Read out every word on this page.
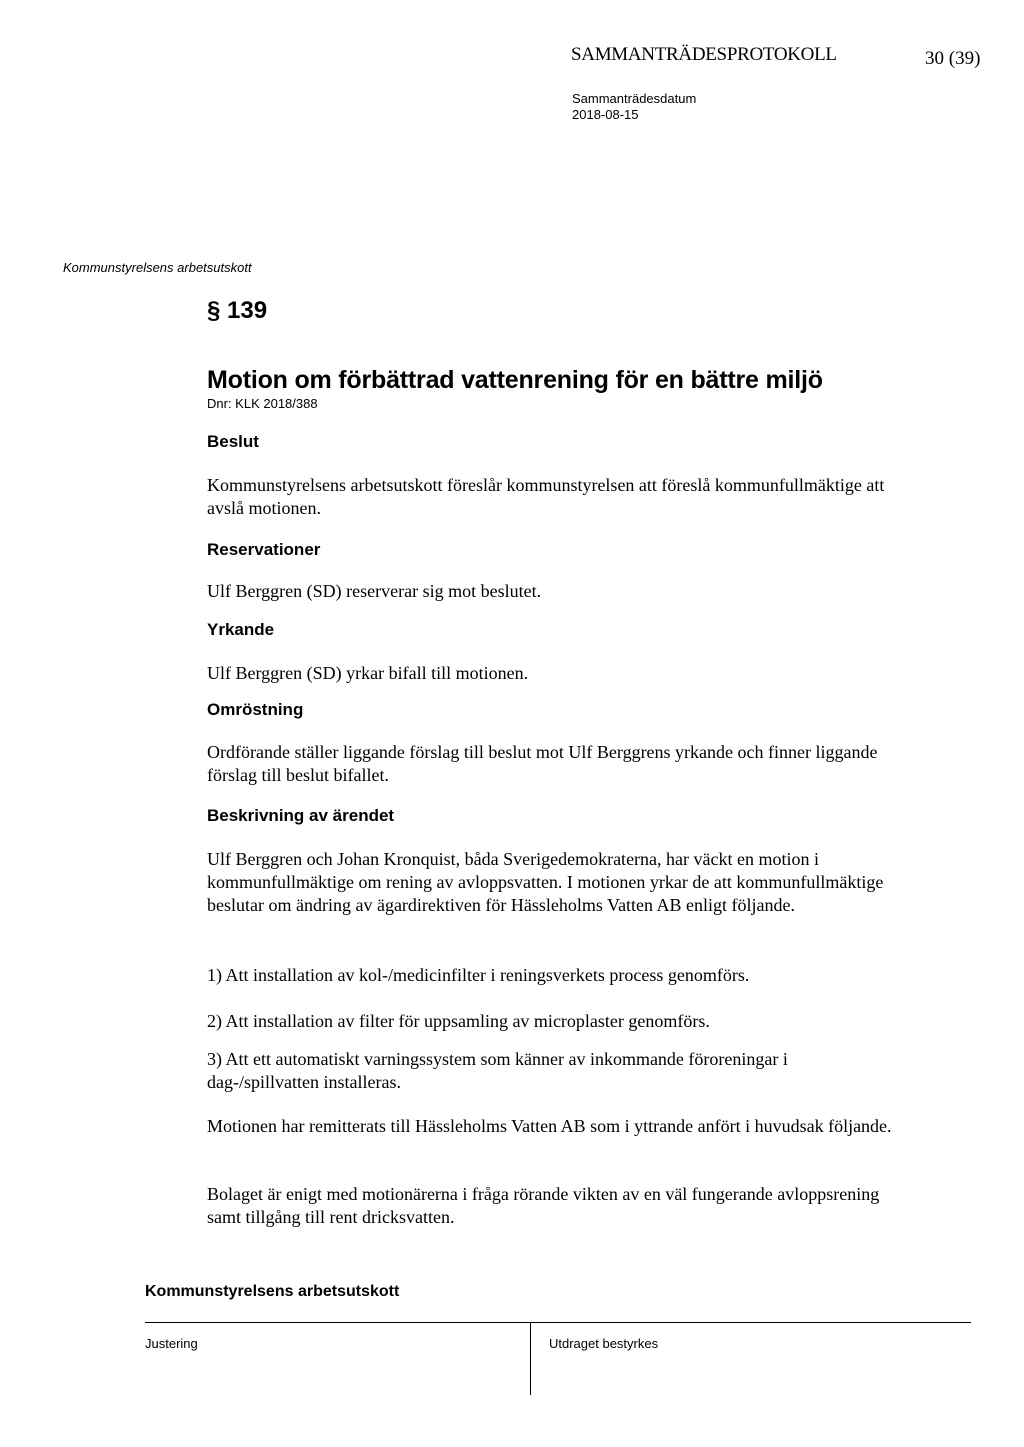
SAMMANTRÄDESPROTOKOLL	30 (39)
Sammanträdesdatum
2018-08-15
Kommunstyrelsens arbetsutskott
§ 139
Motion om förbättrad vattenrening för en bättre miljö
Dnr: KLK 2018/388
Beslut
Kommunstyrelsens arbetsutskott föreslår kommunstyrelsen att föreslå kommunfullmäktige att avslå motionen.
Reservationer
Ulf Berggren (SD) reserverar sig mot beslutet.
Yrkande
Ulf Berggren (SD) yrkar bifall till motionen.
Omröstning
Ordförande ställer liggande förslag till beslut mot Ulf Berggrens yrkande och finner liggande förslag till beslut bifallet.
Beskrivning av ärendet
Ulf Berggren och Johan Kronquist, båda Sverigedemokraterna, har väckt en motion i kommunfullmäktige om rening av avloppsvatten. I motionen yrkar de att kommunfullmäktige beslutar om ändring av ägardirektiven för Hässleholms Vatten AB enligt följande.
1) Att installation av kol-/medicinfilter i reningsverkets process genomförs.
2) Att installation av filter för uppsamling av microplaster genomförs.
3) Att ett automatiskt varningssystem som känner av inkommande föroreningar i dag-/spillvatten installeras.
Motionen har remitterats till Hässleholms Vatten AB som i yttrande anfört i huvudsak följande.
Bolaget är enigt med motionärerna i fråga rörande vikten av en väl fungerande avloppsrening samt tillgång till rent dricksvatten.
Kommunstyrelsens arbetsutskott
Justering	Utdraget bestyrkes
